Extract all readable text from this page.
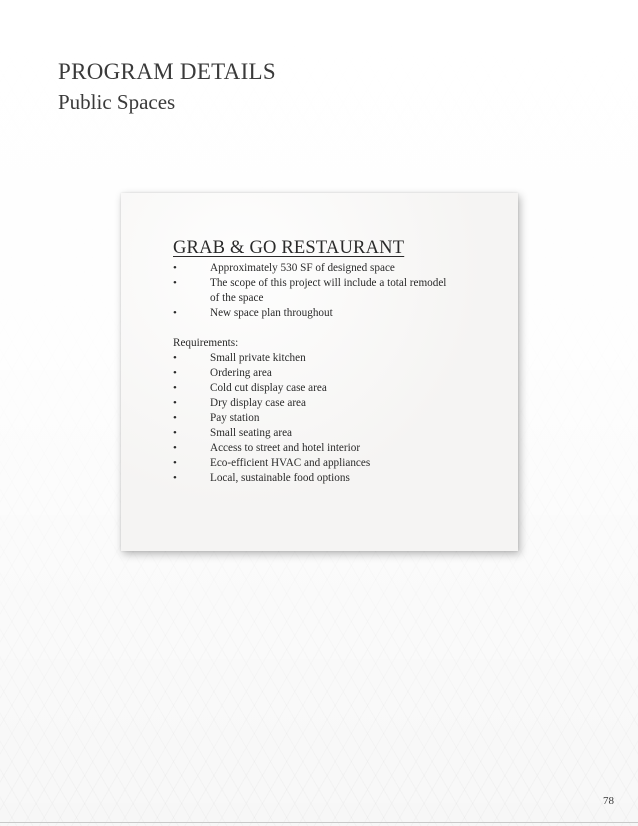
PROGRAM DETAILS
Public Spaces
GRAB & GO RESTAURANT
•	Approximately 530 SF of designed space
•	The scope of this project will include a total remodel of the space
•	New space plan throughout
Requirements:
•	Small private kitchen
•	Ordering area
•	Cold cut display case area
•	Dry display case area
•	Pay station
•	Small seating area
•	Access to street and hotel interior
•	Eco-efficient HVAC and appliances
•	Local, sustainable food options
78
